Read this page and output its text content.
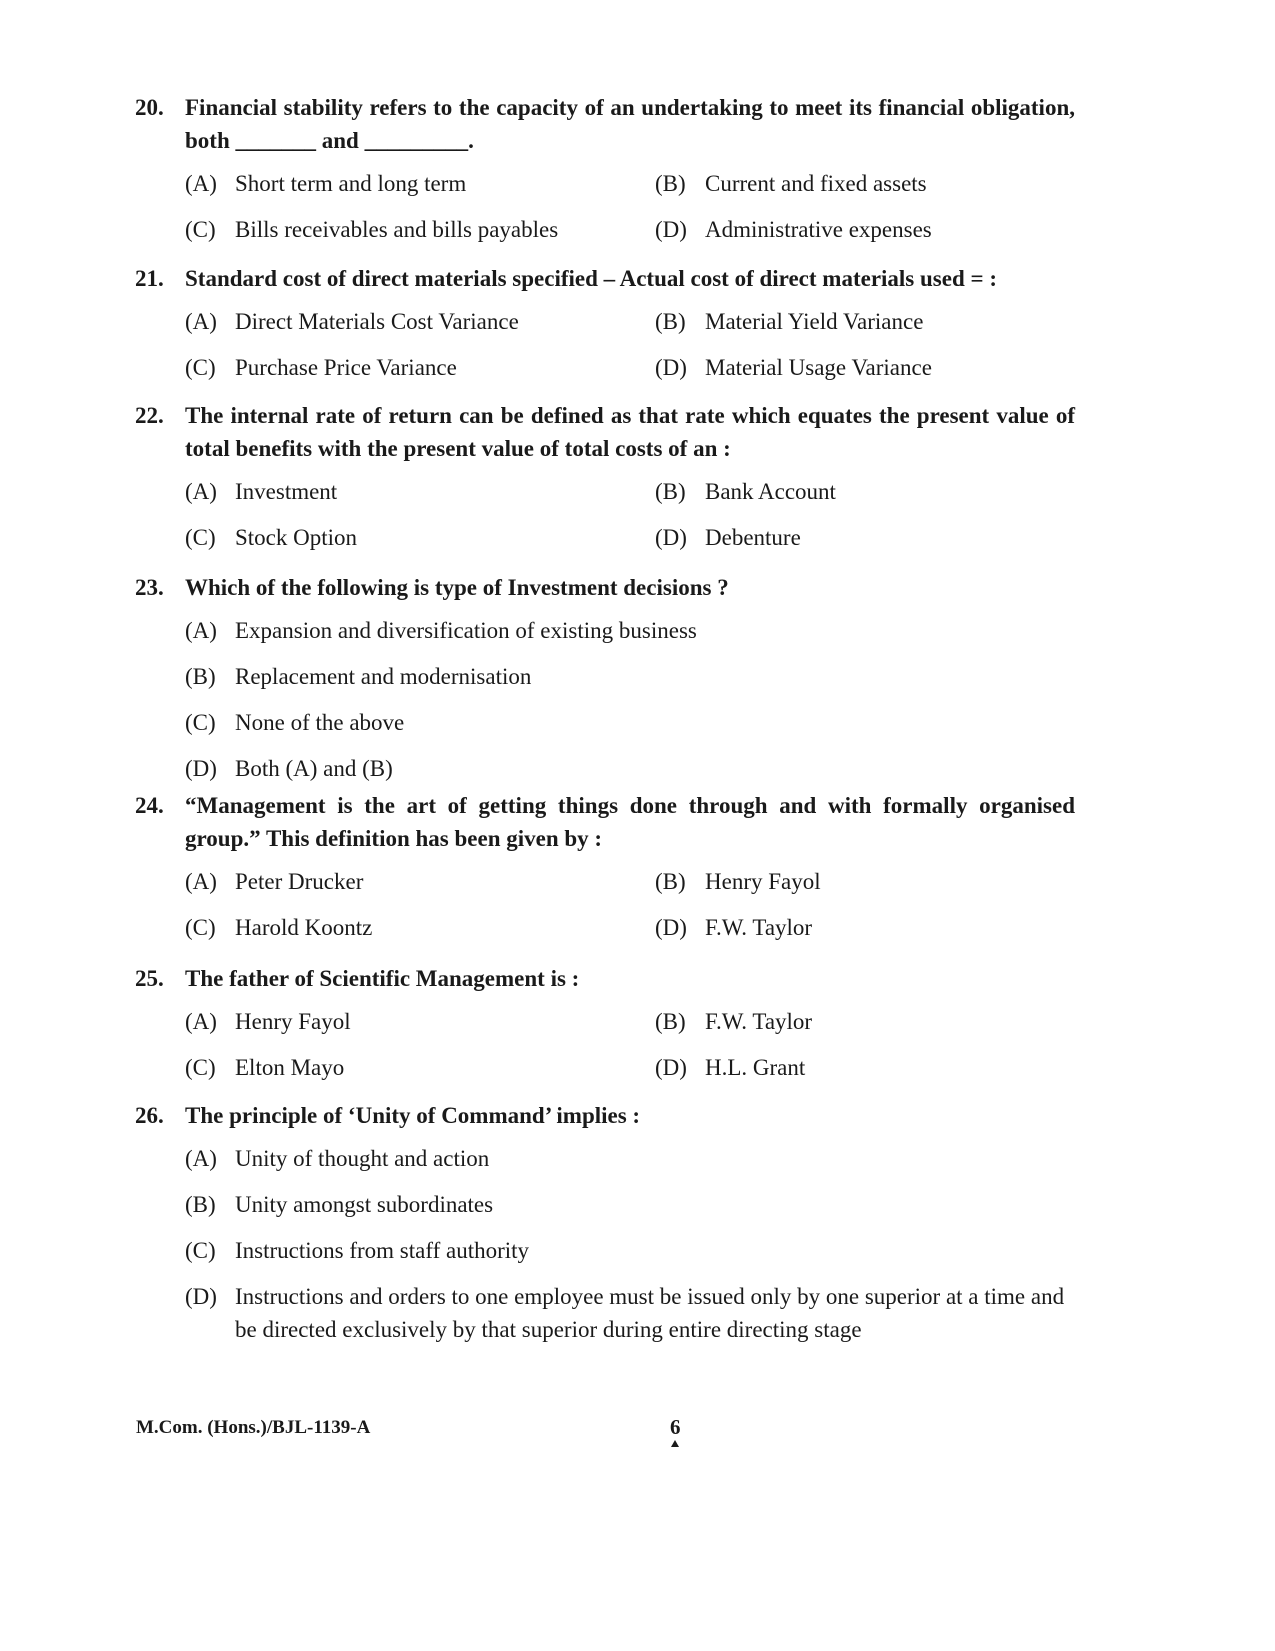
20. Financial stability refers to the capacity of an undertaking to meet its financial obligation, both _______ and _________.
(A) Short term and long term	(B) Current and fixed assets
(C) Bills receivables and bills payables	(D) Administrative expenses
21. Standard cost of direct materials specified – Actual cost of direct materials used = :
(A) Direct Materials Cost Variance	(B) Material Yield Variance
(C) Purchase Price Variance	(D) Material Usage Variance
22. The internal rate of return can be defined as that rate which equates the present value of total benefits with the present value of total costs of an :
(A) Investment	(B) Bank Account
(C) Stock Option	(D) Debenture
23. Which of the following is type of Investment decisions ?
(A) Expansion and diversification of existing business
(B) Replacement and modernisation
(C) None of the above
(D) Both (A) and (B)
24. “Management is the art of getting things done through and with formally organised group.” This definition has been given by :
(A) Peter Drucker	(B) Henry Fayol
(C) Harold Koontz	(D) F.W. Taylor
25. The father of Scientific Management is :
(A) Henry Fayol	(B) F.W. Taylor
(C) Elton Mayo	(D) H.L. Grant
26. The principle of ‘Unity of Command’ implies :
(A) Unity of thought and action
(B) Unity amongst subordinates
(C) Instructions from staff authority
(D) Instructions and orders to one employee must be issued only by one superior at a time and be directed exclusively by that superior during entire directing stage
M.Com. (Hons.)/BJL-1139-A	6
